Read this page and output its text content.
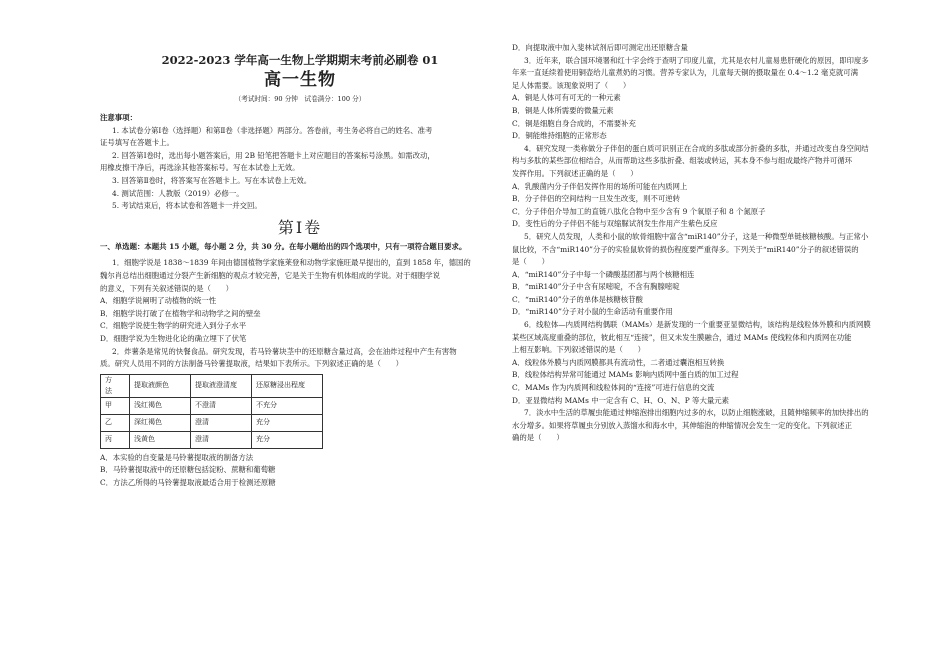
2022-2023 学年高一生物上学期期末考前必刷卷 01
高一生物
（考试时间：90 分钟　试卷满分：100 分）
注意事项：
1. 本试卷分第Ⅰ卷（选择题）和第Ⅱ卷（非选择题）两部分。答卷前，考生务必将自己的姓名、准考
证号填写在答题卡上。
2. 回答第Ⅰ卷时，选出每小题答案后，用 2B 铅笔把答题卡上对应题目的答案标号涂黑。如需改动，
用橡皮擦干净后，再选涂其他答案标号。写在本试卷上无效。
3. 回答第Ⅱ卷时，将答案写在答题卡上。写在本试卷上无效。
4. 测试范围：人教版（2019）必修一。
5. 考试结束后，将本试卷和答题卡一并交回。
第Ⅰ卷
一、单选题：本题共 15 小题，每小题 2 分，共 30 分。在每小题给出的四个选项中，只有一项符合题目要求。
1．细胞学说是 1838～1839 年间由德国植物学家施莱登和动物学家施旺最早提出的，直到 1858 年，德国的
魏尔肖总结出细胞通过分裂产生新细胞的观点才较完善，它是关于生物有机体组成的学说。对于细胞学说
的意义，下列有关叙述错误的是（　　）
A．细胞学说阐明了动植物的统一性
B．细胞学说打破了在植物学和动物学之间的壁垒
C．细胞学说使生物学的研究进入到分子水平
D．细胞学说为生物进化论的确立埋下了伏笔
2．炸薯条是常见的快餐食品。研究发现，若马铃薯块茎中的还原糖含量过高，会在油炸过程中产生有害物
质。研究人员用不同的方法制备马铃薯提取液，结果如下表所示。下列叙述正确的是（　　）
方
法	提取液颜色	提取液澄清度	还原糖浸出程度
甲	浅红褐色	不澄清	不充分
乙	深红褐色	澄清	充分
丙	浅黄色	澄清	充分
A．本实验的自变量是马铃薯提取液的制备方法
B．马铃薯提取液中的还原糖包括淀粉、蔗糖和葡萄糖
C．方法乙所得的马铃薯提取液最适合用于检测还原糖
D．向提取液中加入斐林试剂后即可测定出还原糖含量
3．近年来，联合国环境署和红十字会终于查明了印度儿童，尤其是农村儿童易患肝硬化的原因，即印度多
年来一直延续着使用铜壶给儿童煮奶的习惯。营养专家认为，儿童每天铜的摄取量在 0.4～1.2 毫克就可满
足人体需要。该现象说明了（　　）
A．铜是人体可有可无的一种元素
B．铜是人体所需要的微量元素
C．铜是细胞自身合成的，不需要补充
D．铜能维持细胞的正常形态
4．研究发现一类称做分子伴侣的蛋白质可识别正在合成的多肽或部分折叠的多肽，并通过改变自身空间结
构与多肽的某些部位相结合，从而帮助这些多肽折叠、组装或转运，其本身不参与组成最终产物并可循环
发挥作用。下列叙述正确的是（　　）
A．乳酸菌内分子伴侣发挥作用的场所可能在内质网上
B．分子伴侣的空间结构一旦发生改变，则不可逆转
C．分子伴侣介导加工的直链八肽化合物中至少含有 9 个氧原子和 8 个氮原子
D．变性后的分子伴侣不能与双缩脲试剂发生作用产生紫色反应
5．研究人员发现，人类和小鼠的软骨细胞中富含“miR140”分子，这是一种微型单链核糖核酸。与正常小
鼠比较，不含“miR140”分子的实验鼠软骨的损伤程度要严重得多。下列关于“miR140”分子的叙述错误的
是（　　）
A．“miR140”分子中每一个磷酸基团都与两个核糖相连
B．“miR140”分子中含有尿嘧啶，不含有胸腺嘧啶
C．“miR140”分子的单体是核糖核苷酸
D．“miR140”分子对小鼠的生命活动有重要作用
6．线粒体—内质网结构偶联（MAMs）是新发现的一个重要亚显微结构，该结构是线粒体外膜和内质网膜
某些区域高度重叠的部位，彼此相互“连接”，但又未发生膜融合，通过 MAMs 使线粒体和内质网在功能
上相互影响。下列叙述错误的是（　　）
A．线粒体外膜与内质网膜都具有流动性，二者通过囊泡相互转换
B．线粒体结构异常可能通过 MAMs 影响内质网中蛋白质的加工过程
C．MAMs 作为内质网和线粒体间的“连接”可进行信息的交流
D．亚显微结构 MAMs 中一定含有 C、H、O、N、P 等大量元素
7．淡水中生活的草履虫能通过伸缩泡排出细胞内过多的水，以防止细胞涨破，且随伸缩频率的加快排出的
水分增多。如果将草履虫分别放入蒸馏水和海水中，其伸缩泡的伸缩情况会发生一定的变化。下列叙述正
确的是（　　）
